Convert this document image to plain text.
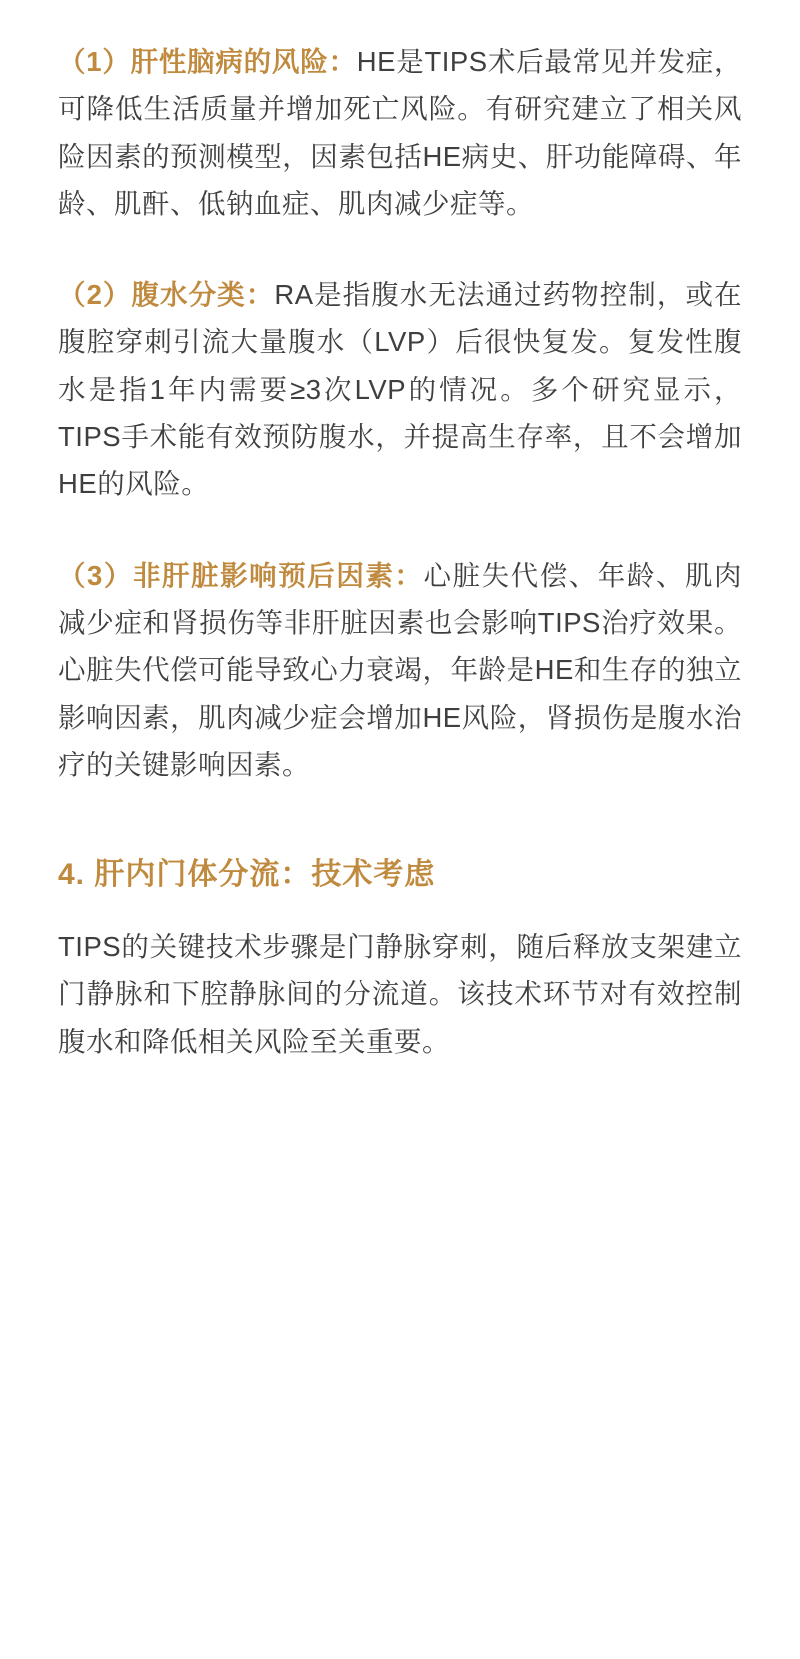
（1）肝性脑病的风险：HE是TIPS术后最常见并发症，可降低生活质量并增加死亡风险。有研究建立了相关风险因素的预测模型，因素包括HE病史、肝功能障碍、年龄、肌酐、低钠血症、肌肉减少症等。

（2）腹水分类：RA是指腹水无法通过药物控制，或在腹腔穿刺引流大量腹水（LVP）后很快复发。复发性腹水是指1年内需要≥3次LVP的情况。多个研究显示，TIPS手术能有效预防腹水，并提高生存率，且不会增加HE的风险。

（3）非肝脏影响预后因素：心脏失代偿、年龄、肌肉减少症和肾损伤等非肝脏因素也会影响TIPS治疗效果。心脏失代偿可能导致心力衰竭，年龄是HE和生存的独立影响因素，肌肉减少症会增加HE风险，肾损伤是腹水治疗的关键影响因素。

4. 肝内门体分流：技术考虑

TIPS的关键技术步骤是门静脉穿刺，随后释放支架建立门静脉和下腔静脉间的分流道。该技术环节对有效控制腹水和降低相关风险至关重要。
